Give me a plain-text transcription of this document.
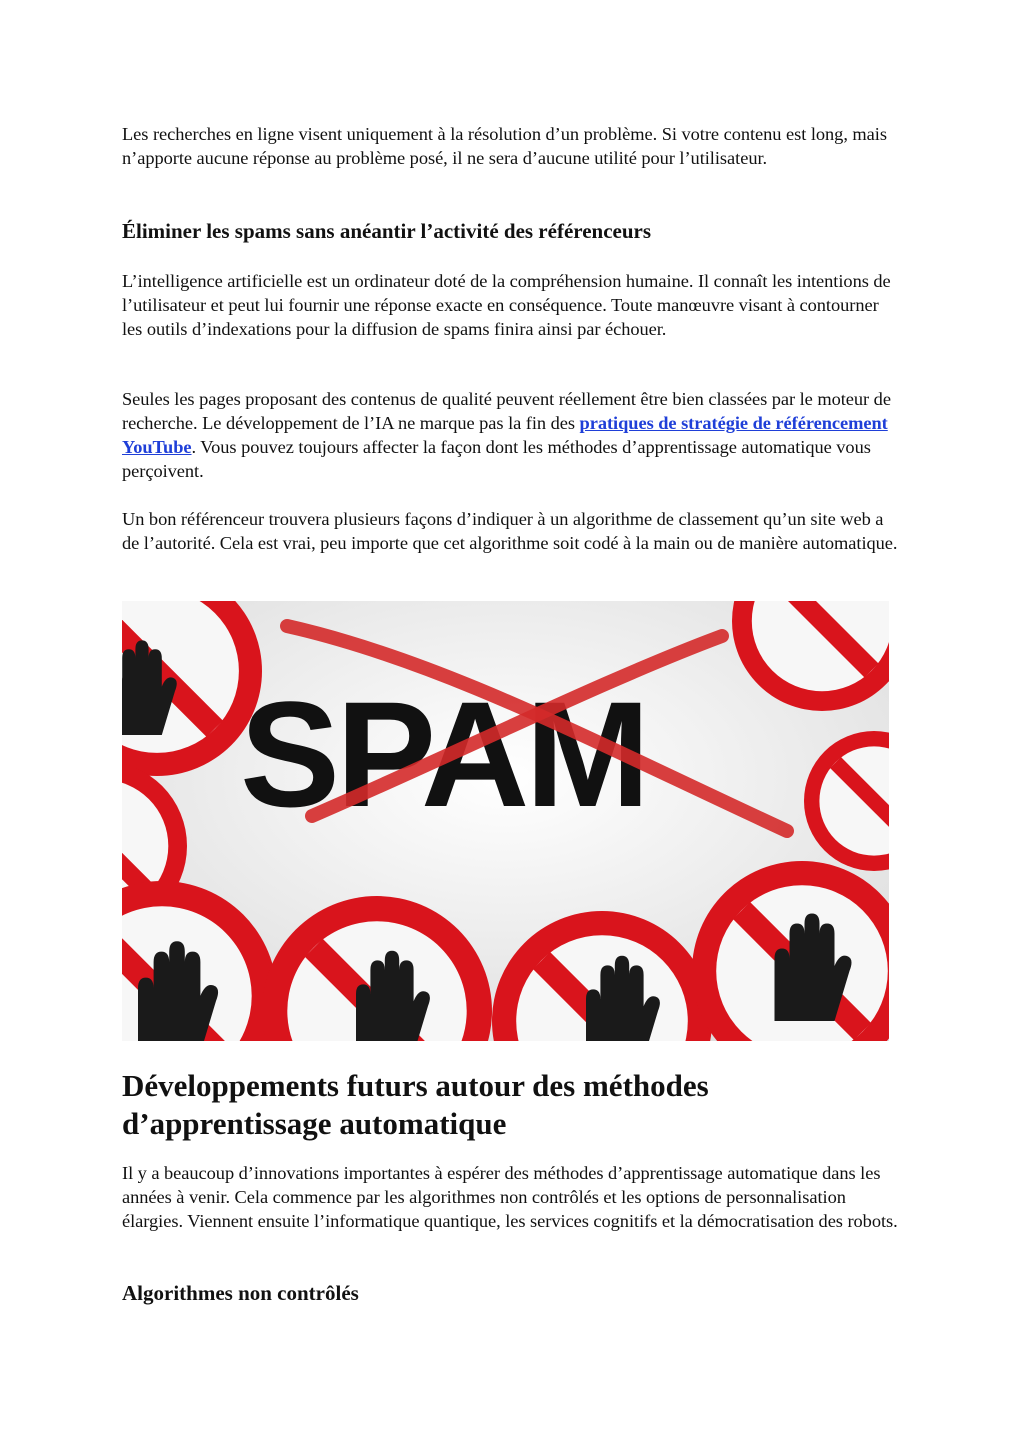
Les recherches en ligne visent uniquement à la résolution d’un problème. Si votre contenu est long, mais n’apporte aucune réponse au problème posé, il ne sera d’aucune utilité pour l’utilisateur.

Éliminer les spams sans anéantir l’activité des référenceurs

L’intelligence artificielle est un ordinateur doté de la compréhension humaine. Il connaît les intentions de l’utilisateur et peut lui fournir une réponse exacte en conséquence. Toute manœuvre visant à contourner les outils d’indexations pour la diffusion de spams finira ainsi par échouer.

Seules les pages proposant des contenus de qualité peuvent réellement être bien classées par le moteur de recherche. Le développement de l’IA ne marque pas la fin des pratiques de stratégie de référencement YouTube. Vous pouvez toujours affecter la façon dont les méthodes d’apprentissage automatique vous perçoivent.

Un bon référenceur trouvera plusieurs façons d’indiquer à un algorithme de classement qu’un site web a de l’autorité. Cela est vrai, peu importe que cet algorithme soit codé à la main ou de manière automatique.

SPAM
Développements futurs autour des méthodes d’apprentissage automatique

Il y a beaucoup d’innovations importantes à espérer des méthodes d’apprentissage automatique dans les années à venir. Cela commence par les algorithmes non contrôlés et les options de personnalisation élargies. Viennent ensuite l’informatique quantique, les services cognitifs et la démocratisation des robots.

Algorithmes non contrôlés
